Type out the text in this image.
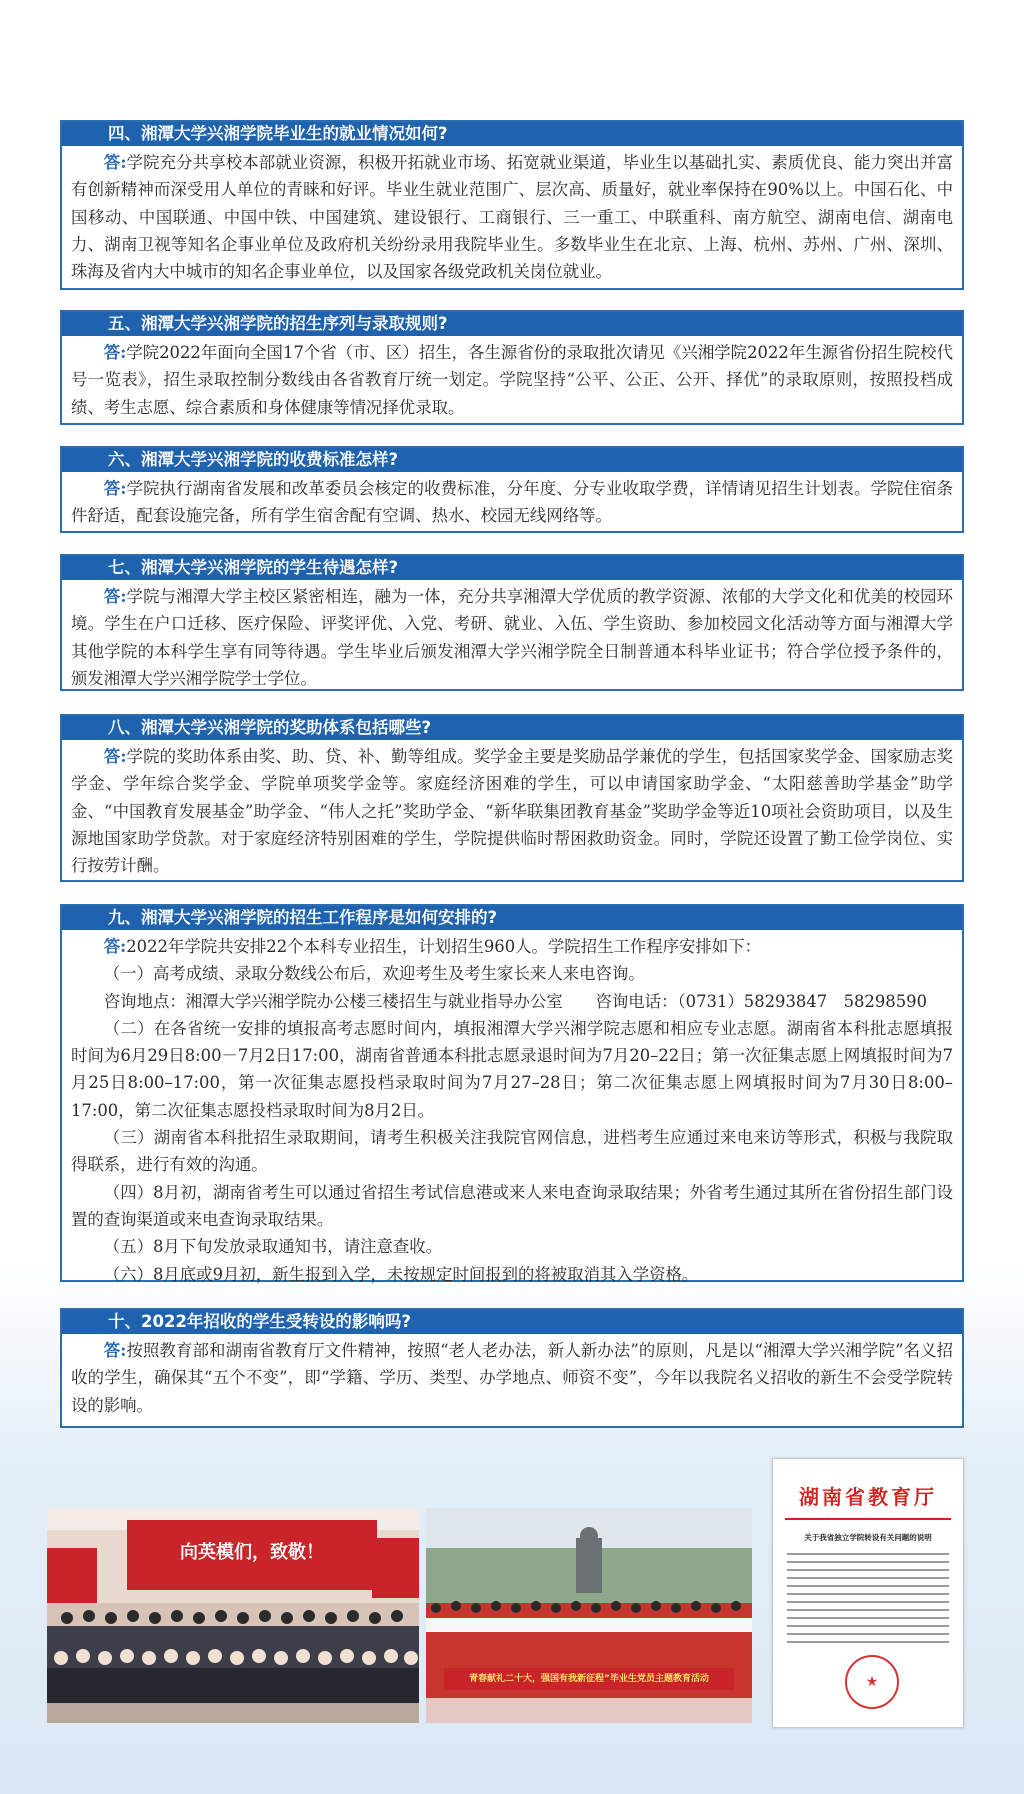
四、湘潭大学兴湘学院毕业生的就业情况如何?

答:学院充分共享校本部就业资源，积极开拓就业市场、拓宽就业渠道，毕业生以基础扎实、素质优良、能力突出并富有创新精神而深受用人单位的青睐和好评。毕业生就业范围广、层次高、质量好，就业率保持在90%以上。中国石化、中国移动、中国联通、中国中铁、中国建筑、建设银行、工商银行、三一重工、中联重科、南方航空、湖南电信、湖南电力、湖南卫视等知名企事业单位及政府机关纷纷录用我院毕业生。多数毕业生在北京、上海、杭州、苏州、广州、深圳、珠海及省内大中城市的知名企事业单位，以及国家各级党政机关岗位就业。

五、湘潭大学兴湘学院的招生序列与录取规则?

答:学院2022年面向全国17个省（市、区）招生，各生源省份的录取批次请见《兴湘学院2022年生源省份招生院校代号一览表》，招生录取控制分数线由各省教育厅统一划定。学院坚持“公平、公正、公开、择优”的录取原则，按照投档成绩、考生志愿、综合素质和身体健康等情况择优录取。

六、湘潭大学兴湘学院的收费标准怎样?

答:学院执行湖南省发展和改革委员会核定的收费标准，分年度、分专业收取学费，详情请见招生计划表。学院住宿条件舒适，配套设施完备，所有学生宿舍配有空调、热水、校园无线网络等。

七、湘潭大学兴湘学院的学生待遇怎样?

答:学院与湘潭大学主校区紧密相连，融为一体，充分共享湘潭大学优质的教学资源、浓郁的大学文化和优美的校园环境。学生在户口迁移、医疗保险、评奖评优、入党、考研、就业、入伍、学生资助、参加校园文化活动等方面与湘潭大学其他学院的本科学生享有同等待遇。学生毕业后颁发湘潭大学兴湘学院全日制普通本科毕业证书；符合学位授予条件的，颁发湘潭大学兴湘学院学士学位。

八、湘潭大学兴湘学院的奖助体系包括哪些?

答:学院的奖助体系由奖、助、贷、补、勤等组成。奖学金主要是奖励品学兼优的学生，包括国家奖学金、国家励志奖学金、学年综合奖学金、学院单项奖学金等。家庭经济困难的学生，可以申请国家助学金、“太阳慈善助学基金”助学金、“中国教育发展基金”助学金、“伟人之托”奖助学金、“新华联集团教育基金”奖助学金等近10项社会资助项目，以及生源地国家助学贷款。对于家庭经济特别困难的学生，学院提供临时帮困救助资金。同时，学院还设置了勤工俭学岗位、实行按劳计酬。

九、湘潭大学兴湘学院的招生工作程序是如何安排的?

答:2022年学院共安排22个本科专业招生，计划招生960人。学院招生工作程序安排如下：

（一）高考成绩、录取分数线公布后，欢迎考生及考生家长来人来电咨询。

咨询地点：湘潭大学兴湘学院办公楼三楼招生与就业指导办公室　　咨询电话：（0731）58293847　58298590

（二）在各省统一安排的填报高考志愿时间内，填报湘潭大学兴湘学院志愿和相应专业志愿。湖南省本科批志愿填报时间为6月29日8:00－7月2日17:00，湖南省普通本科批志愿录退时间为7月20–22日；第一次征集志愿上网填报时间为7月25日8:00–17:00，第一次征集志愿投档录取时间为7月27–28日；第二次征集志愿上网填报时间为7月30日8:00–17:00，第二次征集志愿投档录取时间为8月2日。

（三）湖南省本科批招生录取期间，请考生积极关注我院官网信息，进档考生应通过来电来访等形式，积极与我院取得联系，进行有效的沟通。

（四）8月初，湖南省考生可以通过省招生考试信息港或来人来电查询录取结果；外省考生通过其所在省份招生部门设置的查询渠道或来电查询录取结果。

（五）8月下旬发放录取通知书，请注意查收。

（六）8月底或9月初，新生报到入学，未按规定时间报到的将被取消其入学资格。

十、2022年招收的学生受转设的影响吗?

答:按照教育部和湖南省教育厅文件精神，按照“老人老办法，新人新办法”的原则，凡是以“湘潭大学兴湘学院”名义招收的学生，确保其“五个不变”，即“学籍、学历、类型、办学地点、师资不变”，今年以我院名义招收的新生不会受学院转设的影响。

向英模们，致敬！
青春献礼二十大，强国有我新征程”毕业生党员主题教育活动
湖南省教育厅
关于我省独立学院转设有关问题的说明
★
